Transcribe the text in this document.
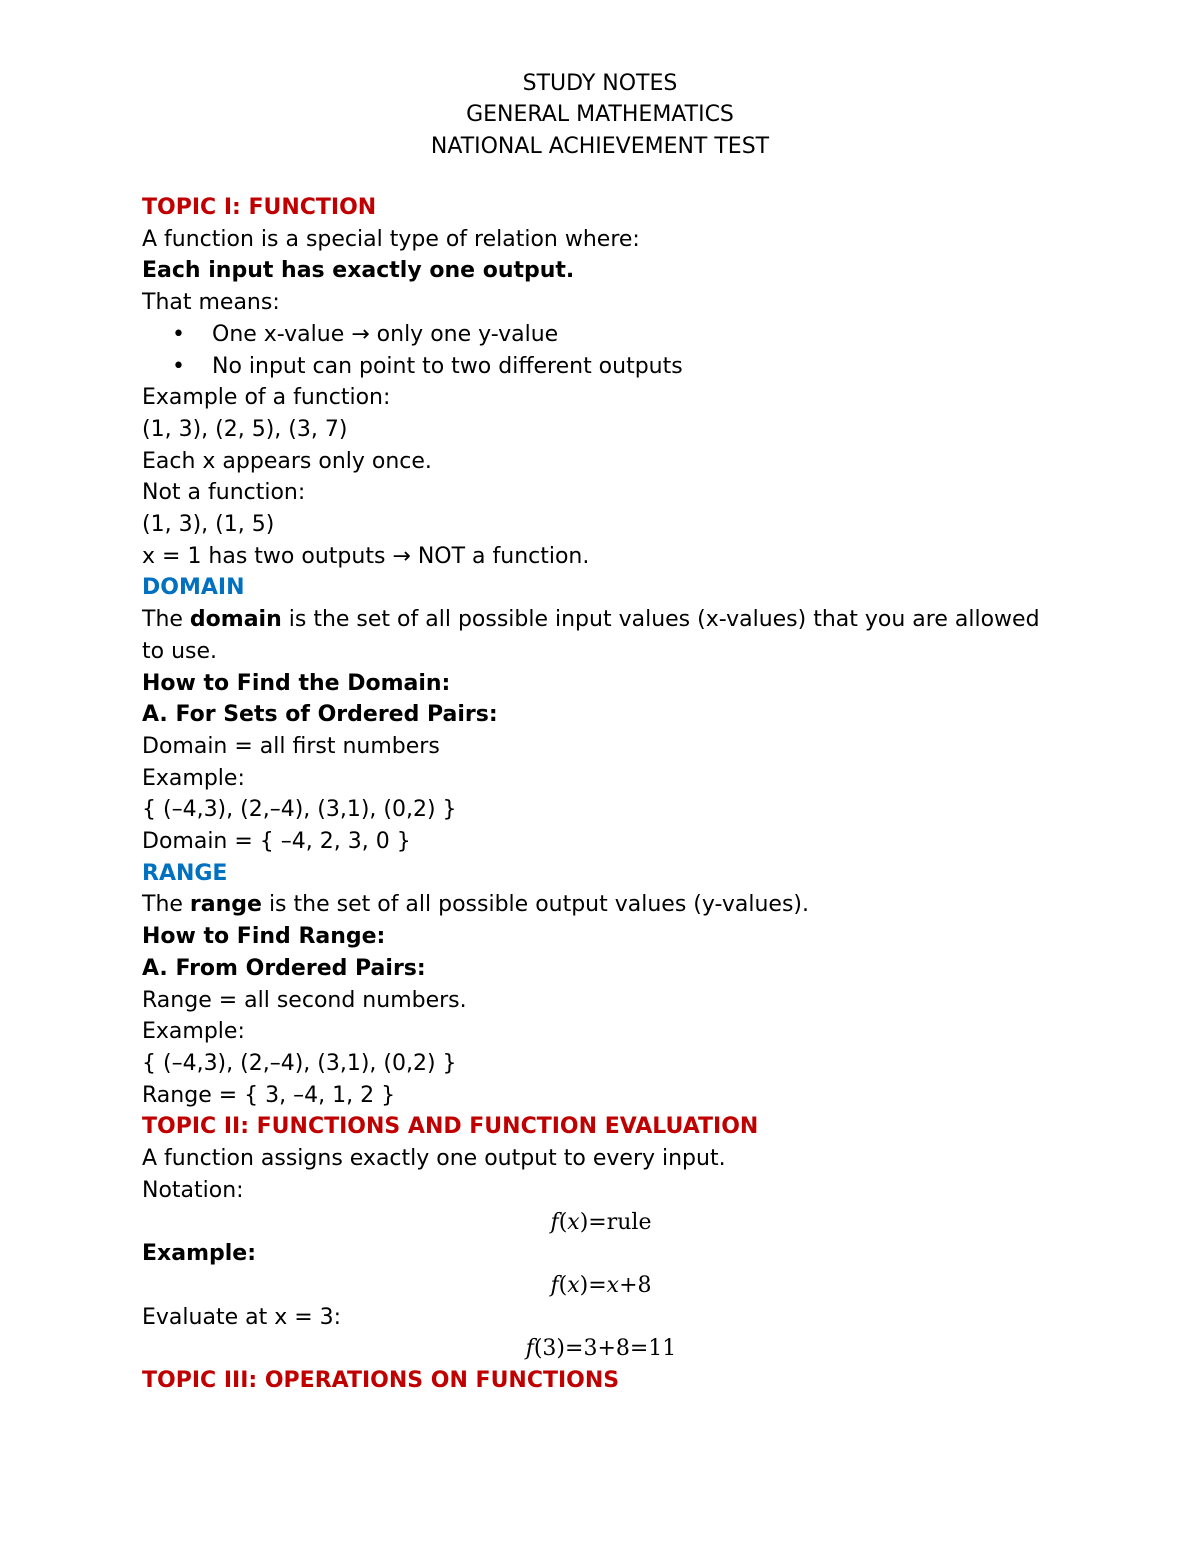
STUDY NOTES
GENERAL MATHEMATICS
NATIONAL ACHIEVEMENT TEST
TOPIC I: FUNCTION
A function is a special type of relation where:
Each input has exactly one output.
That means:
• One x-value → only one y-value
• No input can point to two different outputs
Example of a function:
(1, 3), (2, 5), (3, 7)
Each x appears only once.
Not a function:
(1, 3), (1, 5)
x = 1 has two outputs → NOT a function.
DOMAIN
The domain is the set of all possible input values (x-values) that you are allowed to use.
How to Find the Domain:
A. For Sets of Ordered Pairs:
Domain = all first numbers
Example:
{ (–4,3), (2,–4), (3,1), (0,2) }
Domain = { –4, 2, 3, 0 }
RANGE
The range is the set of all possible output values (y-values).
How to Find Range:
A. From Ordered Pairs:
Range = all second numbers.
Example:
{ (–4,3), (2,–4), (3,1), (0,2) }
Range = { 3, –4, 1, 2 }
TOPIC II: FUNCTIONS AND FUNCTION EVALUATION
A function assigns exactly one output to every input.
Notation:
f(x)=rule
Example:
f(x)=x+8
Evaluate at x = 3:
f(3)=3+8=11
TOPIC III: OPERATIONS ON FUNCTIONS
